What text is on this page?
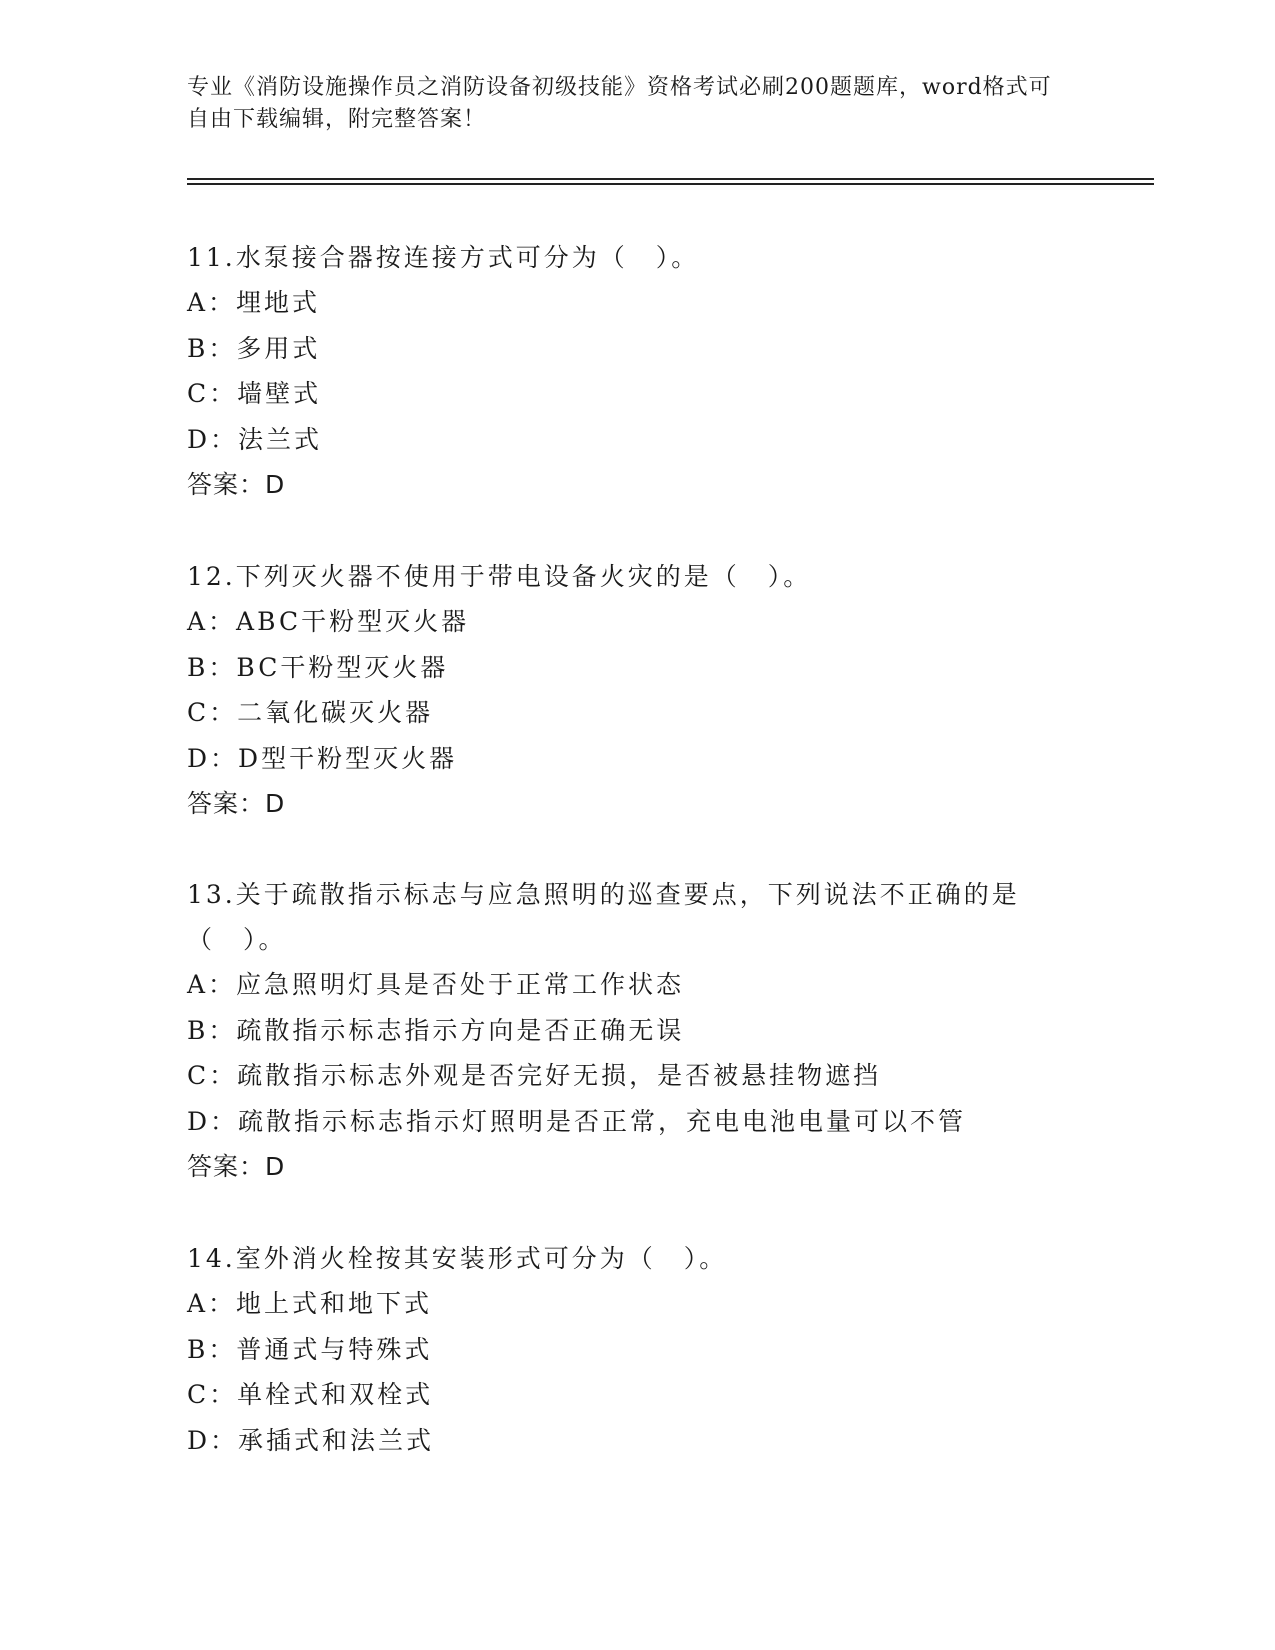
专业《消防设施操作员之消防设备初级技能》资格考试必刷200题题库，word格式可自由下载编辑，附完整答案！
11.水泵接合器按连接方式可分为（　）。
A：埋地式
B：多用式
C：墙壁式
D：法兰式
答案：D
12.下列灭火器不使用于带电设备火灾的是（　）。
A：ABC干粉型灭火器
B：BC干粉型灭火器
C：二氧化碳灭火器
D：D型干粉型灭火器
答案：D
13.关于疏散指示标志与应急照明的巡查要点，下列说法不正确的是（　）。
A：应急照明灯具是否处于正常工作状态
B：疏散指示标志指示方向是否正确无误
C：疏散指示标志外观是否完好无损，是否被悬挂物遮挡
D：疏散指示标志指示灯照明是否正常，充电电池电量可以不管
答案：D
14.室外消火栓按其安装形式可分为（　）。
A：地上式和地下式
B：普通式与特殊式
C：单栓式和双栓式
D：承插式和法兰式
